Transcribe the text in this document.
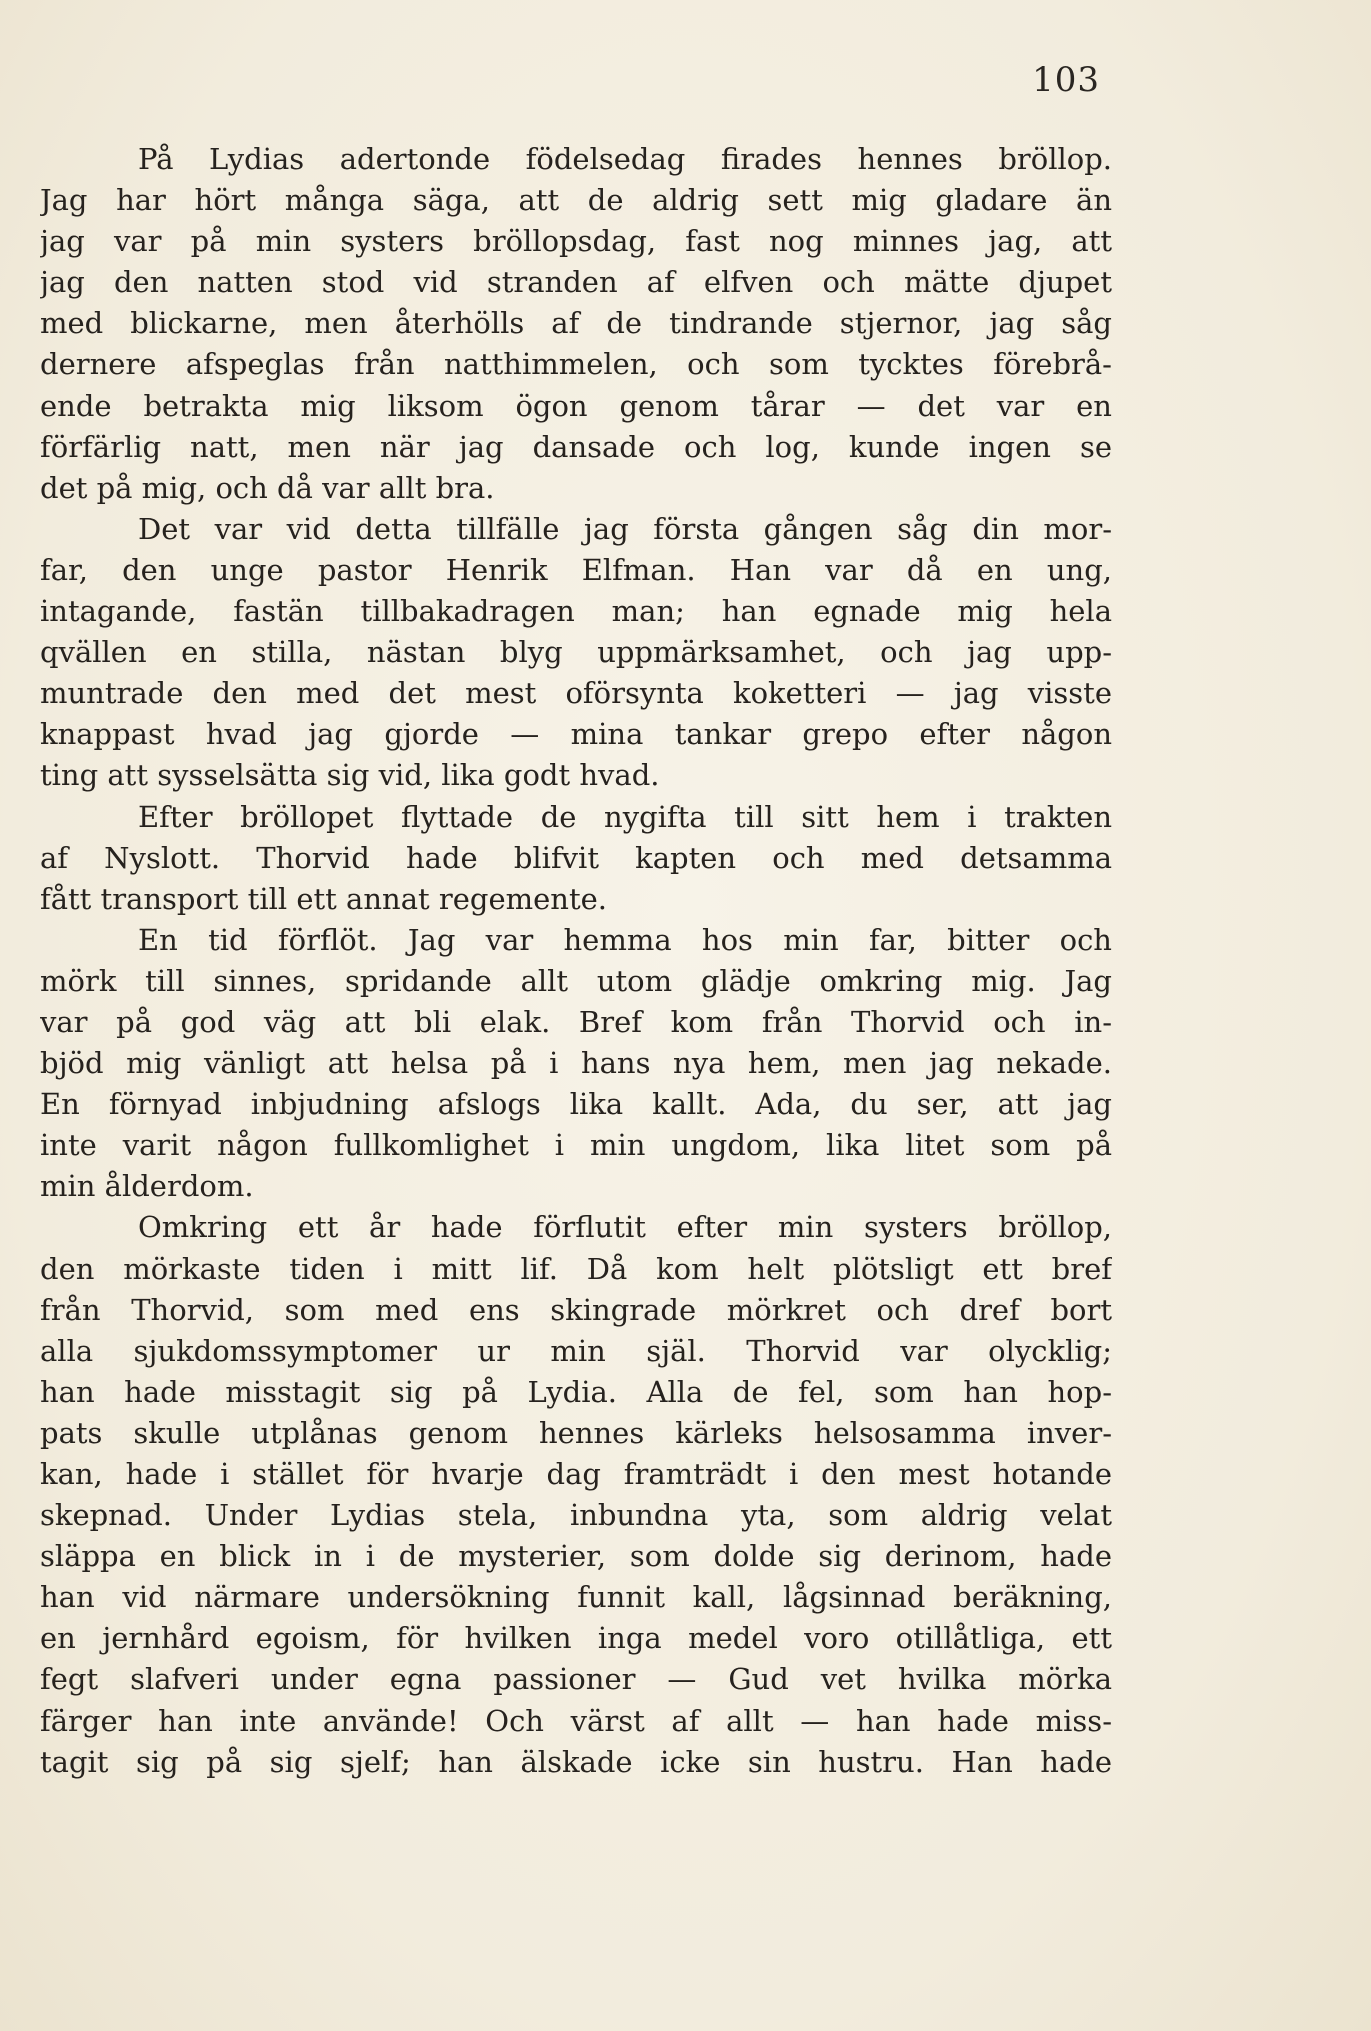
103
På Lydias adertonde födelsedag firades hennes bröllop.
Jag har hört många säga, att de aldrig sett mig gladare än
jag var på min systers bröllopsdag, fast nog minnes jag, att
jag den natten stod vid stranden af elfven och mätte djupet
med blickarne, men återhölls af de tindrande stjernor, jag såg
dernere afspeglas från natthimmelen, och som tycktes förebrå-
ende betrakta mig liksom ögon genom tårar — det var en
förfärlig natt, men när jag dansade och log, kunde ingen se
det på mig, och då var allt bra.
Det var vid detta tillfälle jag första gången såg din mor-
far, den unge pastor Henrik Elfman. Han var då en ung,
intagande, fastän tillbakadragen man; han egnade mig hela
qvällen en stilla, nästan blyg uppmärksamhet, och jag upp-
muntrade den med det mest oförsynta koketteri — jag visste
knappast hvad jag gjorde — mina tankar grepo efter någon
ting att sysselsätta sig vid, lika godt hvad.
Efter bröllopet flyttade de nygifta till sitt hem i trakten
af Nyslott. Thorvid hade blifvit kapten och med detsamma
fått transport till ett annat regemente.
En tid förflöt. Jag var hemma hos min far, bitter och
mörk till sinnes, spridande allt utom glädje omkring mig. Jag
var på god väg att bli elak. Bref kom från Thorvid och in-
bjöd mig vänligt att helsa på i hans nya hem, men jag nekade.
En förnyad inbjudning afslogs lika kallt. Ada, du ser, att jag
inte varit någon fullkomlighet i min ungdom, lika litet som på
min ålderdom.
Omkring ett år hade förflutit efter min systers bröllop,
den mörkaste tiden i mitt lif. Då kom helt plötsligt ett bref
från Thorvid, som med ens skingrade mörkret och dref bort
alla sjukdomssymptomer ur min själ. Thorvid var olycklig;
han hade misstagit sig på Lydia. Alla de fel, som han hop-
pats skulle utplånas genom hennes kärleks helsosamma inver-
kan, hade i stället för hvarje dag framträdt i den mest hotande
skepnad. Under Lydias stela, inbundna yta, som aldrig velat
släppa en blick in i de mysterier, som dolde sig derinom, hade
han vid närmare undersökning funnit kall, lågsinnad beräkning,
en jernhård egoism, för hvilken inga medel voro otillåtliga, ett
fegt slafveri under egna passioner — Gud vet hvilka mörka
färger han inte använde! Och värst af allt — han hade miss-
tagit sig på sig sjelf; han älskade icke sin hustru. Han hade
